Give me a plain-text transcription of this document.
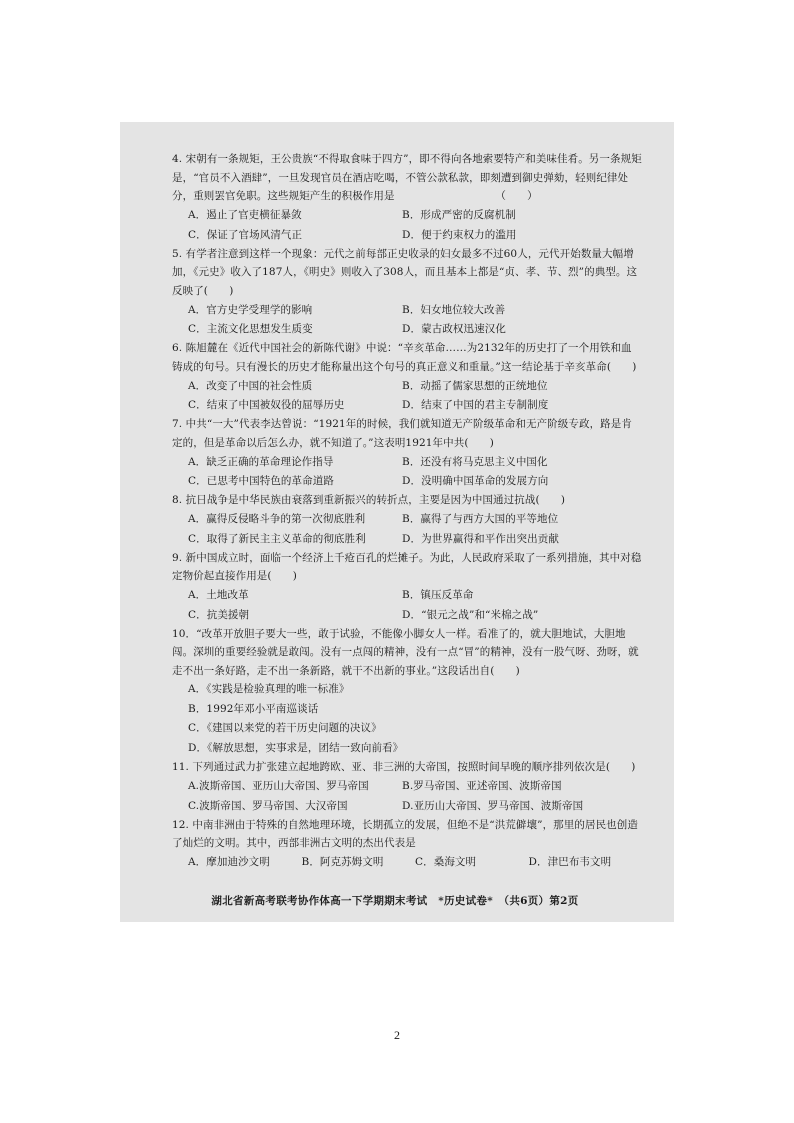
4. 宋朝有一条规矩，王公贵族“不得取食味于四方”，即不得向各地索要特产和美味佳肴。另一条规矩是，“官员不入酒肆”，一旦发现官员在酒店吃喝，不管公款私款，即刻遭到御史弹劾，轻则纪律处分，重则罢官免职。这些规矩产生的积极作用是　　　　　　　　　　（　　）

A．遏止了官吏横征暴敛	B．形成严密的反腐机制
C．保证了官场风清气正	D．便于约束权力的滥用

5. 有学者注意到这样一个现象：元代之前每部正史收录的妇女最多不过60人，元代开始数量大幅增加，《元史》收入了187人，《明史》则收入了308人，而且基本上都是“贞、孝、节、烈”的典型。这反映了(　　)

A．官方史学受理学的影响	B．妇女地位较大改善
C．主流文化思想发生质变	D．蒙古政权迅速汉化

6. 陈旭麓在《近代中国社会的新陈代谢》中说：“辛亥革命……为2132年的历史打了一个用铁和血铸成的句号。只有漫长的历史才能称量出这个句号的真正意义和重量。”这一结论基于辛亥革命(　　)

A．改变了中国的社会性质	B．动摇了儒家思想的正统地位
C．结束了中国被奴役的屈辱历史	D．结束了中国的君主专制制度

7. 中共“一大”代表李达曾说：“1921年的时候，我们就知道无产阶级革命和无产阶级专政，路是肯定的，但是革命以后怎么办，就不知道了。”这表明1921年中共(　　)

A．缺乏正确的革命理论作指导	B．还没有将马克思主义中国化
C．已思考中国特色的革命道路	D．没明确中国革命的发展方向

8. 抗日战争是中华民族由衰落到重新振兴的转折点，主要是因为中国通过抗战(　　)

A．赢得反侵略斗争的第一次彻底胜利	B．赢得了与西方大国的平等地位
C．取得了新民主主义革命的彻底胜利	D．为世界赢得和平作出突出贡献

9. 新中国成立时，面临一个经济上千疮百孔的烂摊子。为此，人民政府采取了一系列措施，其中对稳定物价起直接作用是(　　)

A．土地改革	B．镇压反革命
C．抗美援朝	D．“银元之战”和“米棉之战”

10．“改革开放胆子要大一些，敢于试验，不能像小脚女人一样。看准了的，就大胆地试，大胆地闯。深圳的重要经验就是敢闯。没有一点闯的精神，没有一点“冒”的精神，没有一股气呀、劲呀，就走不出一条好路，走不出一条新路，就干不出新的事业。”这段话出自(　　)

A．《实践是检验真理的唯一标准》
B．1992年邓小平南巡谈话
C．《建国以来党的若干历史问题的决议》
D．《解放思想，实事求是，团结一致向前看》

11. 下列通过武力扩张建立起地跨欧、亚、非三洲的大帝国，按照时间早晚的顺序排列依次是(　　)

A.波斯帝国、亚历山大帝国、罗马帝国	B.罗马帝国、亚述帝国、波斯帝国
C.波斯帝国、罗马帝国、大汉帝国	D.亚历山大帝国、罗马帝国、波斯帝国

12. 中南非洲由于特殊的自然地理环境，长期孤立的发展，但绝不是“洪荒僻壤”，那里的居民也创造了灿烂的文明。其中，西部非洲古文明的杰出代表是

A．摩加迪沙文明	B．阿克苏姆文明	C．桑海文明	D．津巴布韦文明
湖北省新高考联考协作体高一下学期期末考试　*历史试卷*　（共6页）第2页
2
